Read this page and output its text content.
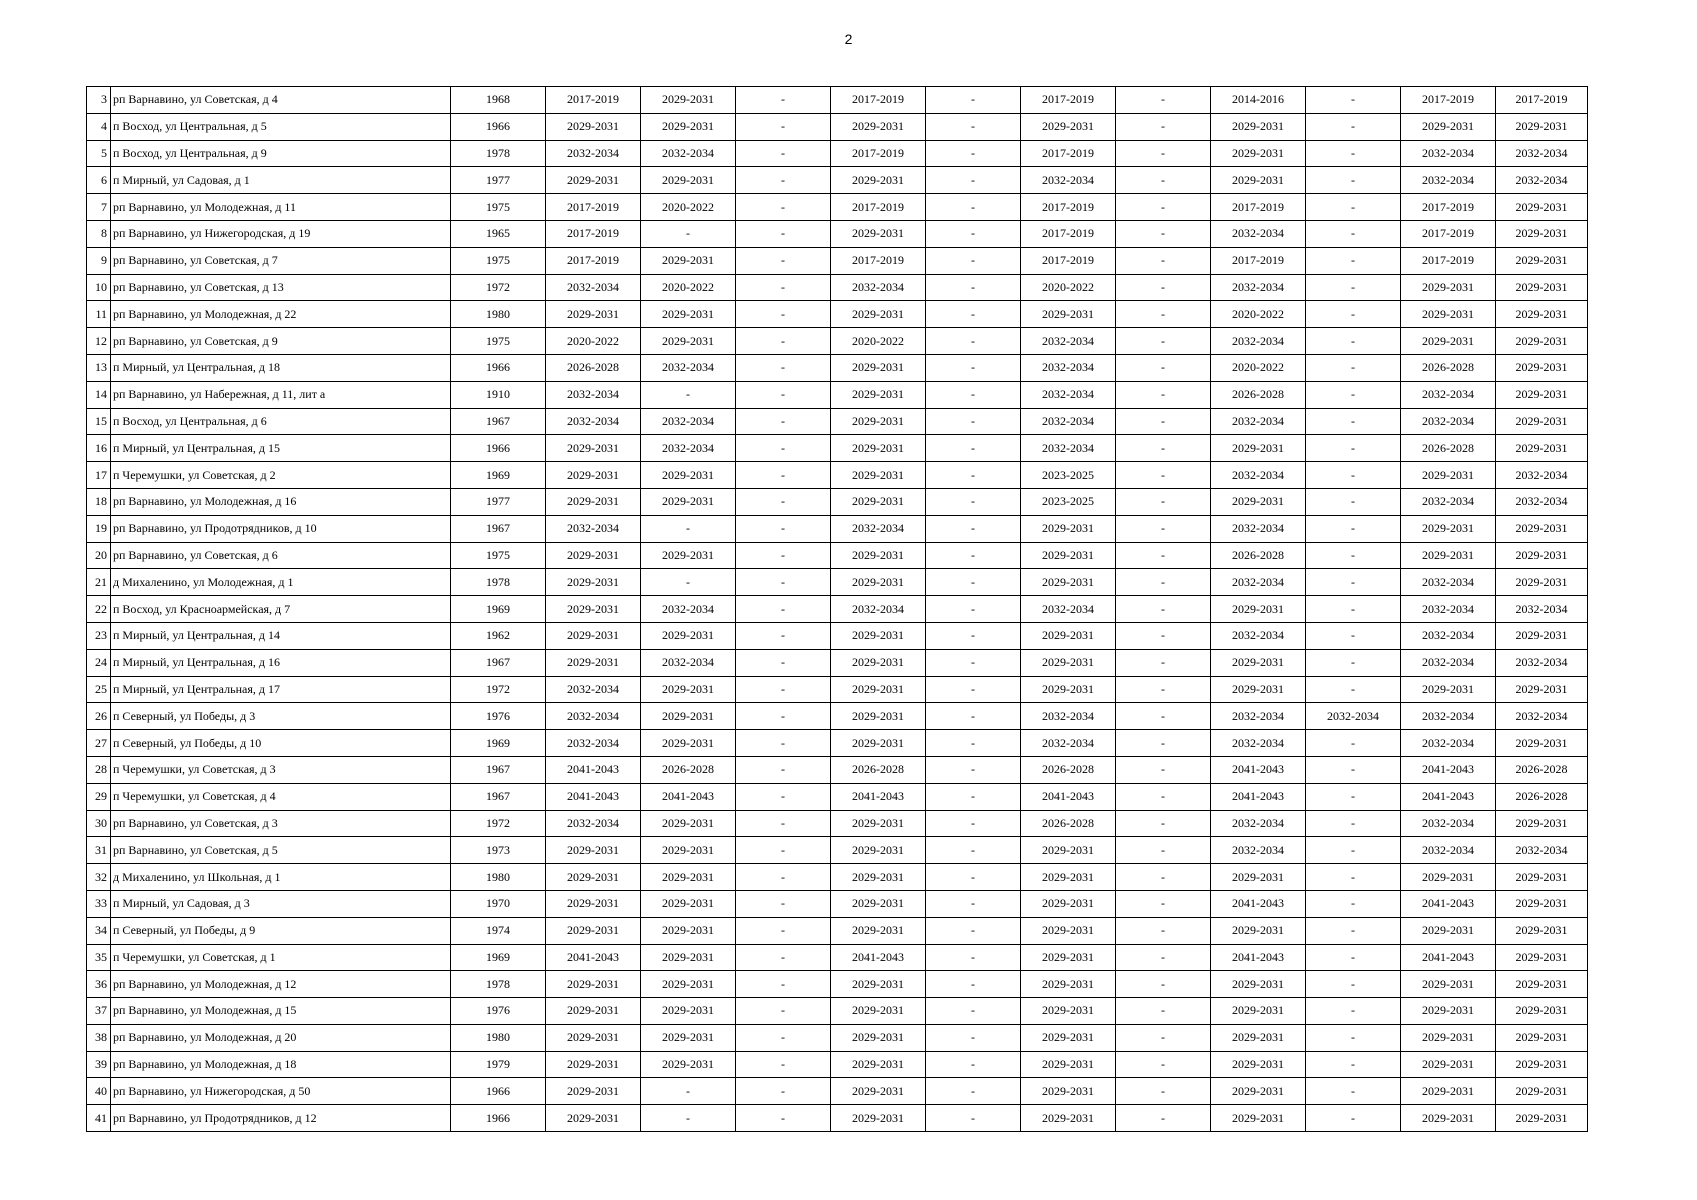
2
3	рп Варнавино, ул Советская, д 4	1968	2017-2019	2029-2031	-	2017-2019	-	2017-2019	-	2014-2016	-	2017-2019	2017-2019
4	п Восход, ул Центральная, д 5	1966	2029-2031	2029-2031	-	2029-2031	-	2029-2031	-	2029-2031	-	2029-2031	2029-2031
5	п Восход, ул Центральная, д 9	1978	2032-2034	2032-2034	-	2017-2019	-	2017-2019	-	2029-2031	-	2032-2034	2032-2034
6	п Мирный, ул Садовая, д 1	1977	2029-2031	2029-2031	-	2029-2031	-	2032-2034	-	2029-2031	-	2032-2034	2032-2034
7	рп Варнавино, ул Молодежная, д 11	1975	2017-2019	2020-2022	-	2017-2019	-	2017-2019	-	2017-2019	-	2017-2019	2029-2031
8	рп Варнавино, ул Нижегородская, д 19	1965	2017-2019	-	-	2029-2031	-	2017-2019	-	2032-2034	-	2017-2019	2029-2031
9	рп Варнавино, ул Советская, д 7	1975	2017-2019	2029-2031	-	2017-2019	-	2017-2019	-	2017-2019	-	2017-2019	2029-2031
10	рп Варнавино, ул Советская, д 13	1972	2032-2034	2020-2022	-	2032-2034	-	2020-2022	-	2032-2034	-	2029-2031	2029-2031
11	рп Варнавино, ул Молодежная, д 22	1980	2029-2031	2029-2031	-	2029-2031	-	2029-2031	-	2020-2022	-	2029-2031	2029-2031
12	рп Варнавино, ул Советская, д 9	1975	2020-2022	2029-2031	-	2020-2022	-	2032-2034	-	2032-2034	-	2029-2031	2029-2031
13	п Мирный, ул Центральная, д 18	1966	2026-2028	2032-2034	-	2029-2031	-	2032-2034	-	2020-2022	-	2026-2028	2029-2031
14	рп Варнавино, ул Набережная, д 11, лит а	1910	2032-2034	-	-	2029-2031	-	2032-2034	-	2026-2028	-	2032-2034	2029-2031
15	п Восход, ул Центральная, д 6	1967	2032-2034	2032-2034	-	2029-2031	-	2032-2034	-	2032-2034	-	2032-2034	2029-2031
16	п Мирный, ул Центральная, д 15	1966	2029-2031	2032-2034	-	2029-2031	-	2032-2034	-	2029-2031	-	2026-2028	2029-2031
17	п Черемушки, ул Советская, д 2	1969	2029-2031	2029-2031	-	2029-2031	-	2023-2025	-	2032-2034	-	2029-2031	2032-2034
18	рп Варнавино, ул Молодежная, д 16	1977	2029-2031	2029-2031	-	2029-2031	-	2023-2025	-	2029-2031	-	2032-2034	2032-2034
19	рп Варнавино, ул Продотрядников, д 10	1967	2032-2034	-	-	2032-2034	-	2029-2031	-	2032-2034	-	2029-2031	2029-2031
20	рп Варнавино, ул Советская, д 6	1975	2029-2031	2029-2031	-	2029-2031	-	2029-2031	-	2026-2028	-	2029-2031	2029-2031
21	д Михаленино, ул Молодежная, д 1	1978	2029-2031	-	-	2029-2031	-	2029-2031	-	2032-2034	-	2032-2034	2029-2031
22	п Восход, ул Красноармейская, д 7	1969	2029-2031	2032-2034	-	2032-2034	-	2032-2034	-	2029-2031	-	2032-2034	2032-2034
23	п Мирный, ул Центральная, д 14	1962	2029-2031	2029-2031	-	2029-2031	-	2029-2031	-	2032-2034	-	2032-2034	2029-2031
24	п Мирный, ул Центральная, д 16	1967	2029-2031	2032-2034	-	2029-2031	-	2029-2031	-	2029-2031	-	2032-2034	2032-2034
25	п Мирный, ул Центральная, д 17	1972	2032-2034	2029-2031	-	2029-2031	-	2029-2031	-	2029-2031	-	2029-2031	2029-2031
26	п Северный, ул Победы, д 3	1976	2032-2034	2029-2031	-	2029-2031	-	2032-2034	-	2032-2034	2032-2034	2032-2034	2032-2034
27	п Северный, ул Победы, д 10	1969	2032-2034	2029-2031	-	2029-2031	-	2032-2034	-	2032-2034	-	2032-2034	2029-2031
28	п Черемушки, ул Советская, д 3	1967	2041-2043	2026-2028	-	2026-2028	-	2026-2028	-	2041-2043	-	2041-2043	2026-2028
29	п Черемушки, ул Советская, д 4	1967	2041-2043	2041-2043	-	2041-2043	-	2041-2043	-	2041-2043	-	2041-2043	2026-2028
30	рп Варнавино, ул Советская, д 3	1972	2032-2034	2029-2031	-	2029-2031	-	2026-2028	-	2032-2034	-	2032-2034	2029-2031
31	рп Варнавино, ул Советская, д 5	1973	2029-2031	2029-2031	-	2029-2031	-	2029-2031	-	2032-2034	-	2032-2034	2032-2034
32	д Михаленино, ул Школьная, д 1	1980	2029-2031	2029-2031	-	2029-2031	-	2029-2031	-	2029-2031	-	2029-2031	2029-2031
33	п Мирный, ул Садовая, д 3	1970	2029-2031	2029-2031	-	2029-2031	-	2029-2031	-	2041-2043	-	2041-2043	2029-2031
34	п Северный, ул Победы, д 9	1974	2029-2031	2029-2031	-	2029-2031	-	2029-2031	-	2029-2031	-	2029-2031	2029-2031
35	п Черемушки, ул Советская, д 1	1969	2041-2043	2029-2031	-	2041-2043	-	2029-2031	-	2041-2043	-	2041-2043	2029-2031
36	рп Варнавино, ул Молодежная, д 12	1978	2029-2031	2029-2031	-	2029-2031	-	2029-2031	-	2029-2031	-	2029-2031	2029-2031
37	рп Варнавино, ул Молодежная, д 15	1976	2029-2031	2029-2031	-	2029-2031	-	2029-2031	-	2029-2031	-	2029-2031	2029-2031
38	рп Варнавино, ул Молодежная, д 20	1980	2029-2031	2029-2031	-	2029-2031	-	2029-2031	-	2029-2031	-	2029-2031	2029-2031
39	рп Варнавино, ул Молодежная, д 18	1979	2029-2031	2029-2031	-	2029-2031	-	2029-2031	-	2029-2031	-	2029-2031	2029-2031
40	рп Варнавино, ул Нижегородская, д 50	1966	2029-2031	-	-	2029-2031	-	2029-2031	-	2029-2031	-	2029-2031	2029-2031
41	рп Варнавино, ул Продотрядников, д 12	1966	2029-2031	-	-	2029-2031	-	2029-2031	-	2029-2031	-	2029-2031	2029-2031
